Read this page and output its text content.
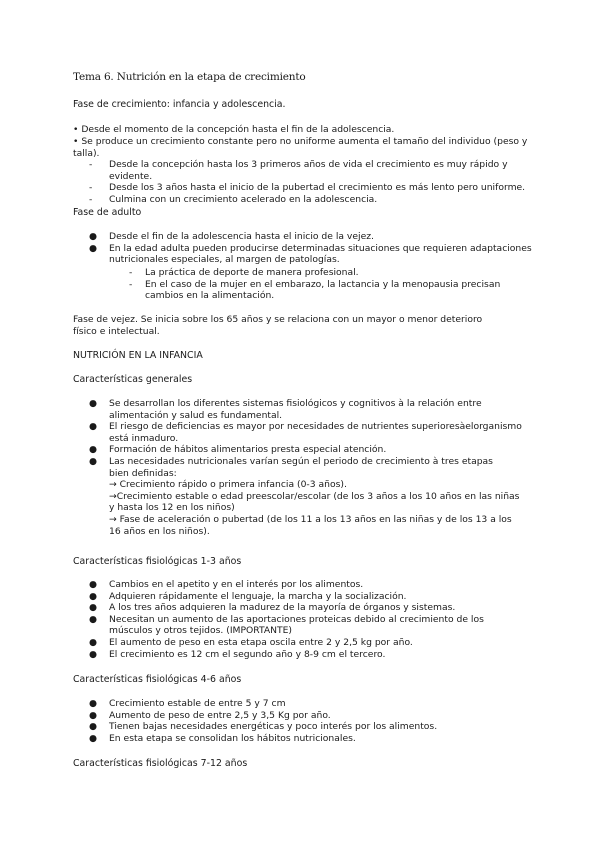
Tema 6. Nutrición en la etapa de crecimiento
Fase de crecimiento: infancia y adolescencia.
• Desde el momento de la concepción hasta el fin de la adolescencia.
• Se produce un crecimiento constante pero no uniforme aumenta el tamaño del individuo (peso y talla).
- Desde la concepción hasta los 3 primeros años de vida el crecimiento es muy rápido y evidente.
- Desde los 3 años hasta el inicio de la pubertad el crecimiento es más lento pero uniforme.
- Culmina con un crecimiento acelerado en la adolescencia.
Fase de adulto
● Desde el fin de la adolescencia hasta el inicio de la vejez.
● En la edad adulta pueden producirse determinadas situaciones que requieren adaptaciones nutricionales especiales, al margen de patologías.
- La práctica de deporte de manera profesional.
- En el caso de la mujer en el embarazo, la lactancia y la menopausia precisan cambios en la alimentación.
Fase de vejez. Se inicia sobre los 65 años y se relaciona con un mayor o menor deterioro físico e intelectual.
NUTRICIÓN EN LA INFANCIA
Características generales
● Se desarrollan los diferentes sistemas fisiológicos y cognitivos à la relación entre alimentación y salud es fundamental.
● El riesgo de deficiencias es mayor por necesidades de nutrientes superioresàelorganismo está inmaduro.
● Formación de hábitos alimentarios presta especial atención.
● Las necesidades nutricionales varían según el periodo de crecimiento à tres etapas
bien definidas:
→ Crecimiento rápido o primera infancia (0-3 años).
→Crecimiento estable o edad preescolar/escolar (de los 3 años a los 10 años en las niñas y hasta los 12 en los niños)
→ Fase de aceleración o pubertad (de los 11 a los 13 años en las niñas y de los 13 a los 16 años en los niños).
Características fisiológicas 1-3 años
● Cambios en el apetito y en el interés por los alimentos.
● Adquieren rápidamente el lenguaje, la marcha y la socialización.
● A los tres años adquieren la madurez de la mayoría de órganos y sistemas.
● Necesitan un aumento de las aportaciones proteicas debido al crecimiento de los músculos y otros tejidos. (IMPORTANTE)
● El aumento de peso en esta etapa oscila entre 2 y 2,5 kg por año.
● El crecimiento es 12 cm el segundo año y 8-9 cm el tercero.
Características fisiológicas 4-6 años
● Crecimiento estable de entre 5 y 7 cm
● Aumento de peso de entre 2,5 y 3,5 Kg por año.
● Tienen bajas necesidades energéticas y poco interés por los alimentos.
● En esta etapa se consolidan los hábitos nutricionales.
Características fisiológicas 7-12 años
